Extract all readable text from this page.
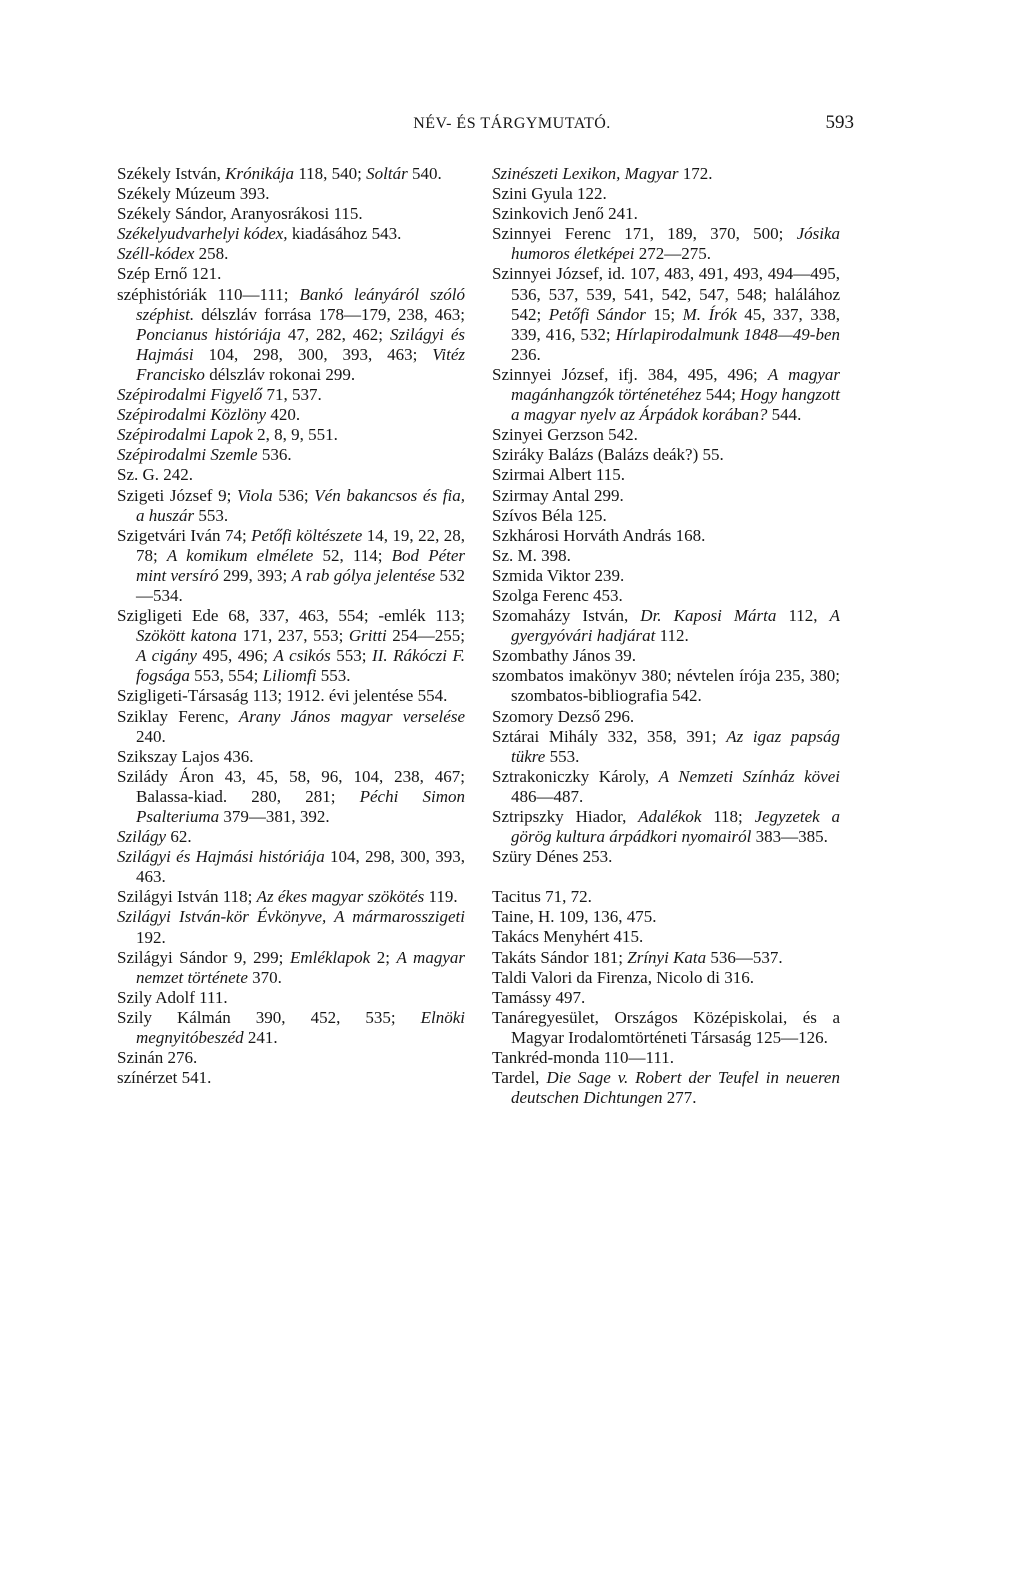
NÉV- ÉS TÁRGYMUTATÓ.	593

Székely István, Krónikája 118, 540; Soltár 540.

Székely Múzeum 393.

Székely Sándor, Aranyosrákosi 115.

Székelyudvarhelyi kódex, kiadásához 543.

Széll-kódex 258.

Szép Ernő 121.

széphistóriák 110—111; Bankó leányáról szóló széphist. délszláv forrása 178—179, 238, 463; Poncianus históriája 47, 282, 462; Szilágyi és Hajmási 104, 298, 300, 393, 463; Vitéz Francisko délszláv rokonai 299.

Szépirodalmi Figyelő 71, 537.

Szépirodalmi Közlöny 420.

Szépirodalmi Lapok 2, 8, 9, 551.

Szépirodalmi Szemle 536.

Sz. G. 242.

Szigeti József 9; Viola 536; Vén bakancsos és fia, a huszár 553.

Szigetvári Iván 74; Petőfi költészete 14, 19, 22, 28, 78; A komikum elmélete 52, 114; Bod Péter mint versíró 299, 393; A rab gólya jelentése 532—534.

Szigligeti Ede 68, 337, 463, 554; -emlék 113; Szökött katona 171, 237, 553; Gritti 254—255; A cigány 495, 496; A csikós 553; II. Rákóczi F. fogsága 553, 554; Liliomfi 553.

Szigligeti-Társaság 113; 1912. évi jelentése 554.

Sziklay Ferenc, Arany János magyar verselése 240.

Szikszay Lajos 436.

Szilády Áron 43, 45, 58, 96, 104, 238, 467; Balassa-kiad. 280, 281; Péchi Simon Psalteriuma 379—381, 392.

Szilágy 62.

Szilágyi és Hajmási históriája 104, 298, 300, 393, 463.

Szilágyi István 118; Az ékes magyar szökötés 119.

Szilágyi István-kör Évkönyve, A mármarosszigeti 192.

Szilágyi Sándor 9, 299; Emléklapok 2; A magyar nemzet története 370.

Szily Adolf 111.

Szily Kálmán 390, 452, 535; Elnöki megnyitóbeszéd 241.

Szinán 276.

színérzet 541.

Szinészeti Lexikon, Magyar 172.

Szini Gyula 122.

Szinkovich Jenő 241.

Szinnyei Ferenc 171, 189, 370, 500; Jósika humoros életképei 272—275.

Szinnyei József, id. 107, 483, 491, 493, 494—495, 536, 537, 539, 541, 542, 547, 548; halálához 542; Petőfi Sándor 15; M. Írók 45, 337, 338, 339, 416, 532; Hírlapirodalmunk 1848—49-ben 236.

Szinnyei József, ifj. 384, 495, 496; A magyar magánhangzók történetéhez 544; Hogy hangzott a magyar nyelv az Árpádok korában? 544.

Szinyei Gerzson 542.

Sziráky Balázs (Balázs deák?) 55.

Szirmai Albert 115.

Szirmay Antal 299.

Szívos Béla 125.

Szkhárosi Horváth András 168.

Sz. M. 398.

Szmida Viktor 239.

Szolga Ferenc 453.

Szomaházy István, Dr. Kaposi Márta 112, A gyergyóvári hadjárat 112.

Szombathy János 39.

szombatos imakönyv 380; névtelen írója 235, 380; szombatos-bibliografia 542.

Szomory Dezső 296.

Sztárai Mihály 332, 358, 391; Az igaz papság tükre 553.

Sztrakoniczky Károly, A Nemzeti Színház kövei 486—487.

Sztripszky Hiador, Adalékok 118; Jegyzetek a görög kultura árpádkori nyomairól 383—385.

Szüry Dénes 253.

Tacitus 71, 72.

Taine, H. 109, 136, 475.

Takács Menyhért 415.

Takáts Sándor 181; Zrínyi Kata 536—537.

Taldi Valori da Firenza, Nicolo di 316.

Tamássy 497.

Tanáregyesület, Országos Középiskolai, és a Magyar Irodalomtörténeti Társaság 125—126.

Tankréd-monda 110—111.

Tardel, Die Sage v. Robert der Teufel in neueren deutschen Dichtungen 277.
